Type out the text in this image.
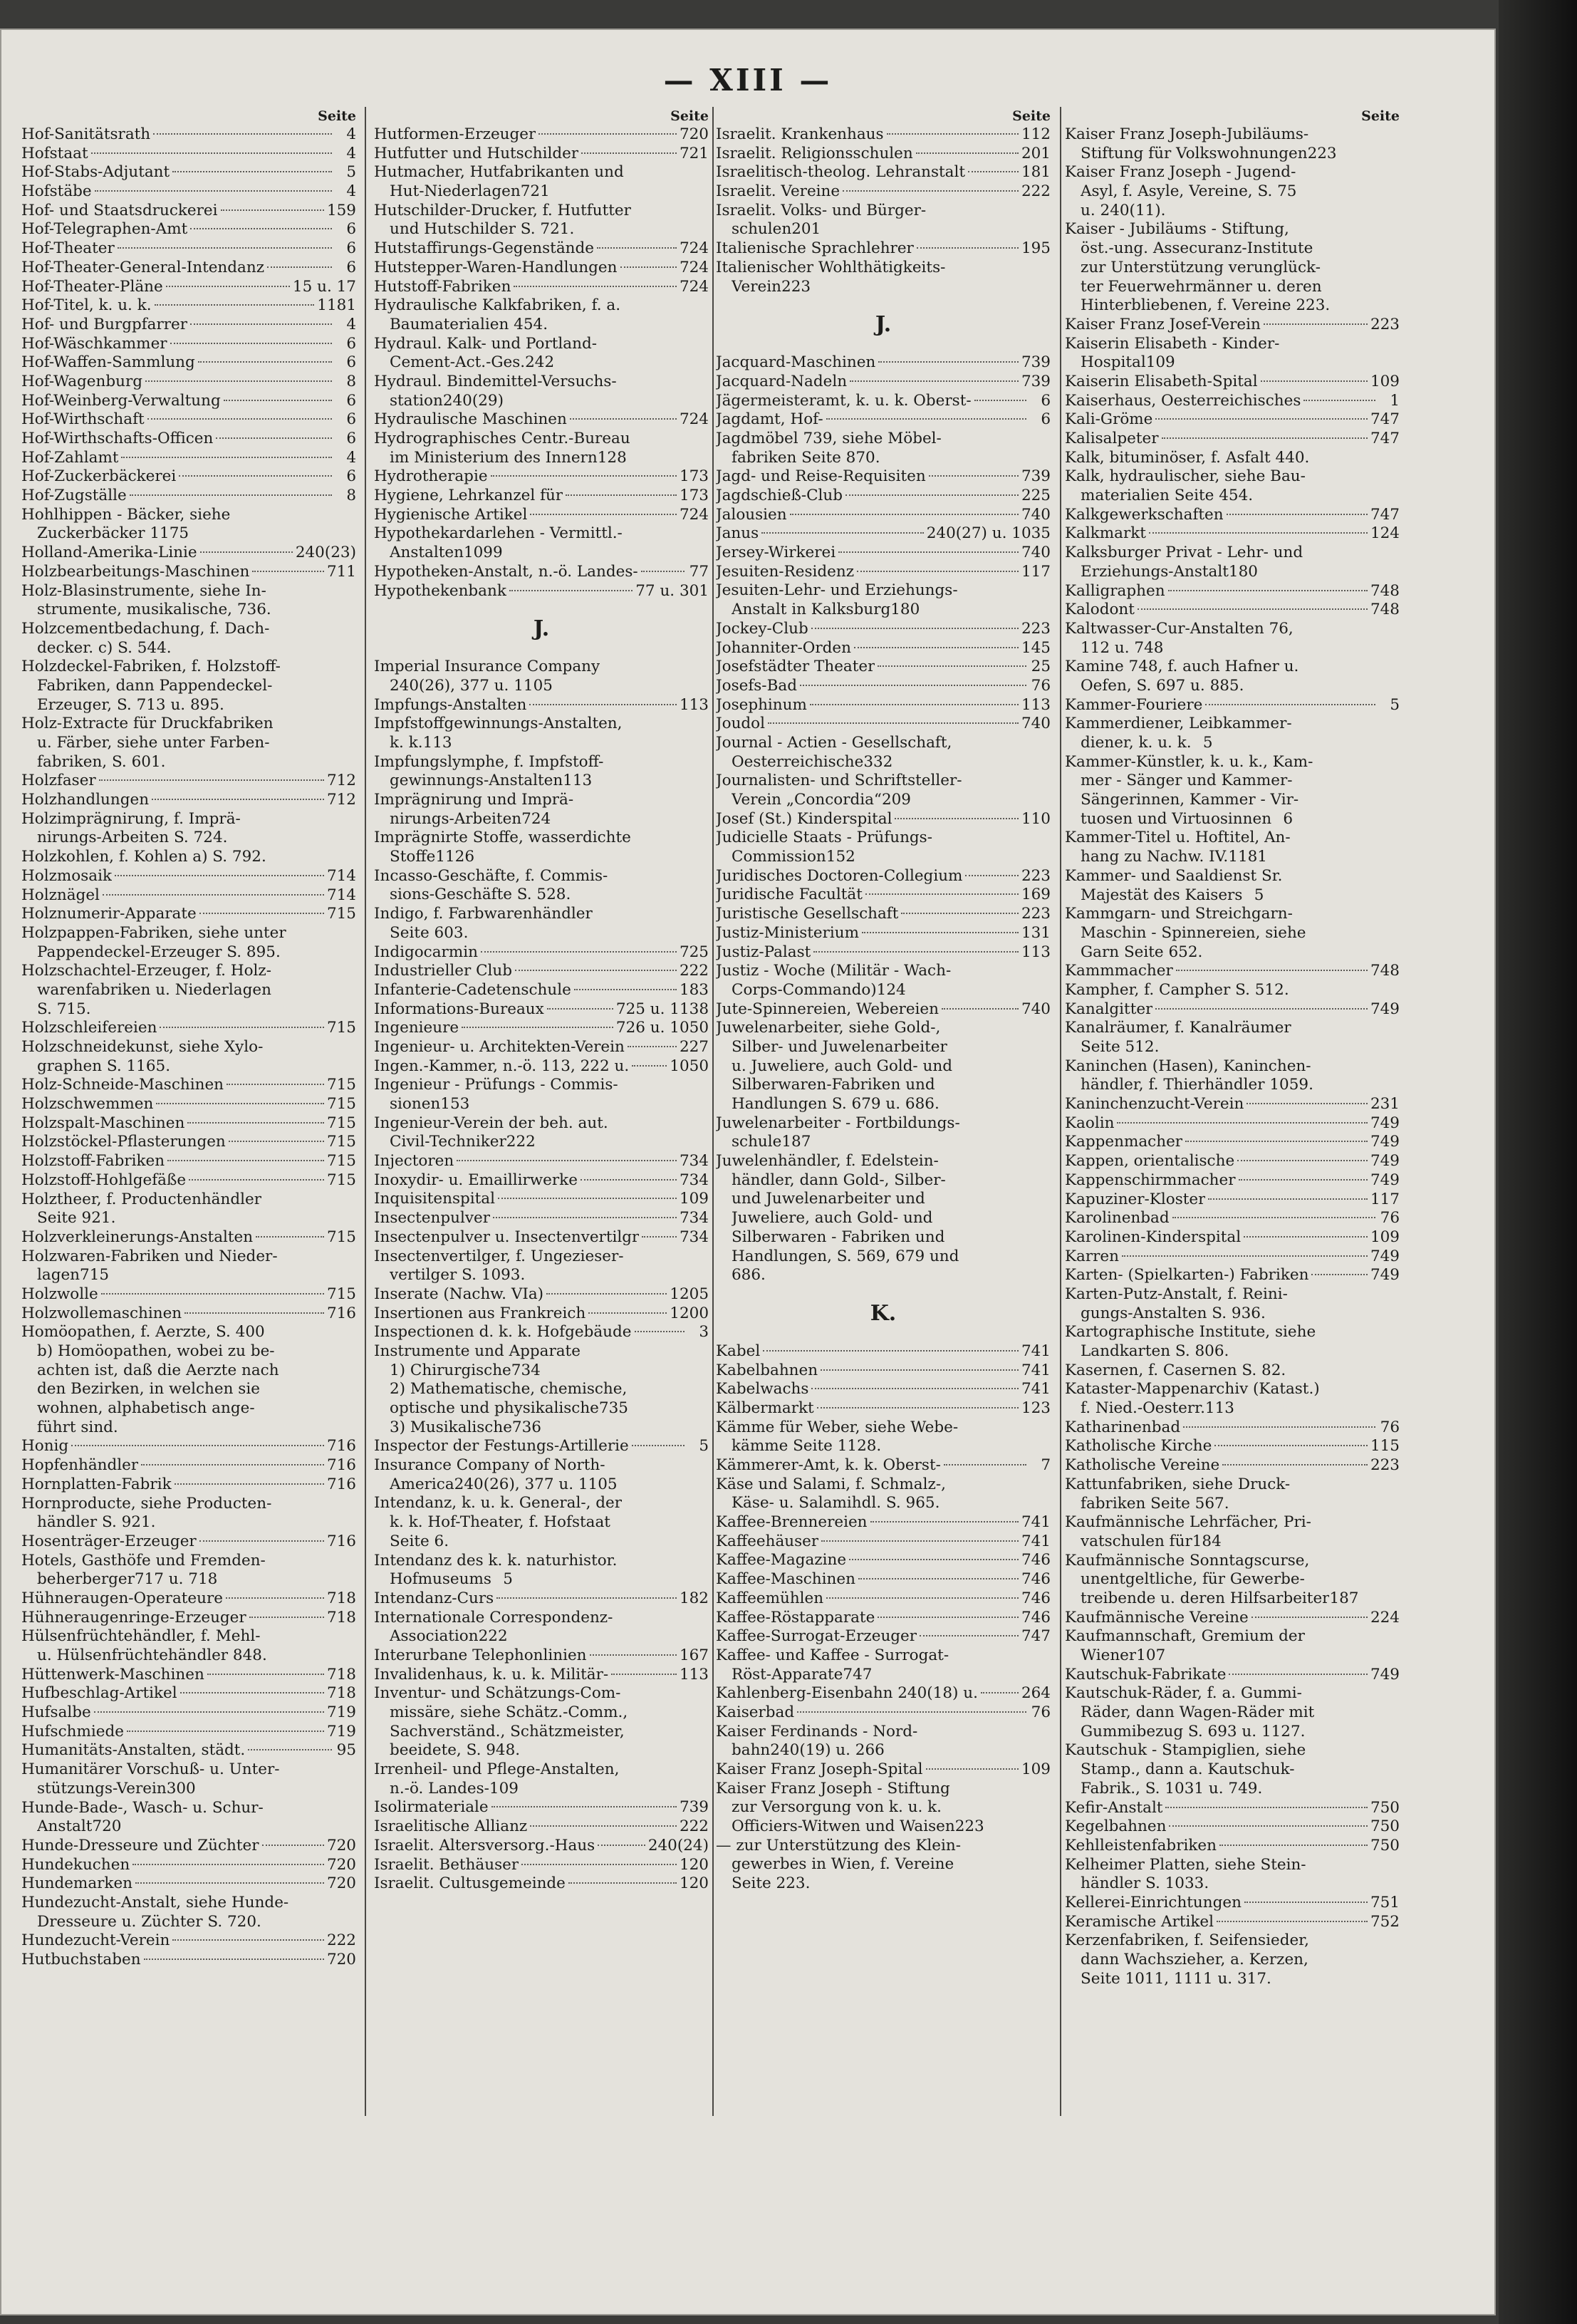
— XIII —
Seite
Hof-Sanitätsrath	4
Hofstaat	4
Hof-Stabs-Adjutant	5
Hofstäbe	4
Hof- und Staatsdruckerei	159
Hof-Telegraphen-Amt	6
Hof-Theater	6
Hof-Theater-General-Intendanz	6
Hof-Theater-Pläne	15 u. 17
Hof-Titel, k. u. k.	1181
Hof- und Burgpfarrer	4
Hof-Wäschkammer	6
Hof-Waffen-Sammlung	6
Hof-Wagenburg	8
Hof-Weinberg-Verwaltung	6
Hof-Wirthschaft	6
Hof-Wirthschafts-Officen	6
Hof-Zahlamt	4
Hof-Zuckerbäckerei	6
Hof-Zugställe	8
Hohlhippen - Bäcker, siehe
Zuckerbäcker 1175
Holland-Amerika-Linie	240(23)
Holzbearbeitungs-Maschinen	711
Holz-Blasinstrumente, siehe In-
strumente, musikalische, 736.
Holzcementbedachung, f. Dach-
decker. c) S. 544.
Holzdeckel-Fabriken, f. Holzstoff-
Fabriken, dann Pappendeckel-
Erzeuger, S. 713 u. 895.
Holz-Extracte für Druckfabriken
u. Färber, siehe unter Farben-
fabriken, S. 601.
Holzfaser	712
Holzhandlungen	712
Holzimprägnirung, f. Imprä-
nirungs-Arbeiten S. 724.
Holzkohlen, f. Kohlen a) S. 792.
Holzmosaik	714
Holznägel	714
Holznumerir-Apparate	715
Holzpappen-Fabriken, siehe unter
Pappendeckel-Erzeuger S. 895.
Holzschachtel-Erzeuger, f. Holz-
warenfabriken u. Niederlagen
S. 715.
Holzschleifereien	715
Holzschneidekunst, siehe Xylo-
graphen S. 1165.
Holz-Schneide-Maschinen	715
Holzschwemmen	715
Holzspalt-Maschinen	715
Holzstöckel-Pflasterungen	715
Holzstoff-Fabriken	715
Holzstoff-Hohlgefäße	715
Holztheer, f. Productenhändler
Seite 921.
Holzverkleinerungs-Anstalten	715
Holzwaren-Fabriken und Nieder-
lagen 715
Holzwolle	715
Holzwollemaschinen	716
Homöopathen, f. Aerzte, S. 400
b) Homöopathen, wobei zu be-
achten ist, daß die Aerzte nach
den Bezirken, in welchen sie
wohnen, alphabetisch ange-
führt sind.
Honig	716
Hopfenhändler	716
Hornplatten-Fabrik	716
Hornproducte, siehe Producten-
händler S. 921.
Hosenträger-Erzeuger	716
Hotels, Gasthöfe und Fremden-
beherberger 717 u. 718
Hühneraugen-Operateure	718
Hühneraugenringe-Erzeuger	718
Hülsenfrüchtehändler, f. Mehl-
u. Hülsenfrüchtehändler 848.
Hüttenwerk-Maschinen	718
Hufbeschlag-Artikel	718
Hufsalbe	719
Hufschmiede	719
Humanitäts-Anstalten, städt.	95
Humanitärer Vorschuß- u. Unter-
stützungs-Verein 300
Hunde-Bade-, Wasch- u. Schur-
Anstalt 720
Hunde-Dresseure und Züchter	720
Hundekuchen	720
Hundemarken	720
Hundezucht-Anstalt, siehe Hunde-
Dresseure u. Züchter S. 720.
Hundezucht-Verein	222
Hutbuchstaben	720
Seite
Hutformen-Erzeuger	720
Hutfutter und Hutschilder	721
Hutmacher, Hutfabrikanten und
Hut-Niederlagen 721
Hutschilder-Drucker, f. Hutfutter
und Hutschilder S. 721.
Hutstaffirungs-Gegenstände	724
Hutstepper-Waren-Handlungen	724
Hutstoff-Fabriken	724
Hydraulische Kalkfabriken, f. a.
Baumaterialien 454.
Hydraul. Kalk- und Portland-
Cement-Act.-Ges. 242
Hydraul. Bindemittel-Versuchs-
station 240(29)
Hydraulische Maschinen	724
Hydrographisches Centr.-Bureau
im Ministerium des Innern 128
Hydrotherapie	173
Hygiene, Lehrkanzel für	173
Hygienische Artikel	724
Hypothekardarlehen - Vermittl.-
Anstalten 1099
Hypotheken-Anstalt, n.-ö. Landes-	77
Hypothekenbank	77 u. 301
J.
Imperial Insurance Company
240(26), 377 u. 1105
Impfungs-Anstalten	113
Impfstoffgewinnungs-Anstalten,
k. k. 113
Impfungslymphe, f. Impfstoff-
gewinnungs-Anstalten 113
Imprägnirung und Imprä-
nirungs-Arbeiten 724
Imprägnirte Stoffe, wasserdichte
Stoffe 1126
Incasso-Geschäfte, f. Commis-
sions-Geschäfte S. 528.
Indigo, f. Farbwarenhändler
Seite 603.
Indigocarmin	725
Industrieller Club	222
Infanterie-Cadetenschule	183
Informations-Bureaux	725 u. 1138
Ingenieure	726 u. 1050
Ingenieur- u. Architekten-Verein	227
Ingen.-Kammer, n.-ö. 113, 222 u.	1050
Ingenieur - Prüfungs - Commis-
sionen 153
Ingenieur-Verein der beh. aut.
Civil-Techniker 222
Injectoren	734
Inoxydir- u. Emaillirwerke	734
Inquisitenspital	109
Insectenpulver	734
Insectenpulver u. Insectenvertilgr	734
Insectenvertilger, f. Ungezieser-
vertilger S. 1093.
Inserate (Nachw. VIa)	1205
Insertionen aus Frankreich	1200
Inspectionen d. k. k. Hofgebäude	3
Instrumente und Apparate
1) Chirurgische 734
2) Mathematische, chemische,
optische und physikalische 735
3) Musikalische 736
Inspector der Festungs-Artillerie	5
Insurance Company of North-
America 240(26), 377 u. 1105
Intendanz, k. u. k. General-, der
k. k. Hof-Theater, f. Hofstaat
Seite 6.
Intendanz des k. k. naturhistor.
Hofmuseums 5
Intendanz-Curs	182
Internationale Correspondenz-
Association 222
Interurbane Telephonlinien	167
Invalidenhaus, k. u. k. Militär-	113
Inventur- und Schätzungs-Com-
missäre, siehe Schätz.-Comm.,
Sachverständ., Schätzmeister,
beeidete, S. 948.
Irrenheil- und Pflege-Anstalten,
n.-ö. Landes- 109
Isolirmateriale	739
Israelitische Allianz	222
Israelit. Altersversorg.-Haus	240(24)
Israelit. Bethäuser	120
Israelit. Cultusgemeinde	120
Seite
Israelit. Krankenhaus	112
Israelit. Religionsschulen	201
Israelitisch-theolog. Lehranstalt	181
Israelit. Vereine	222
Israelit. Volks- und Bürger-
schulen 201
Italienische Sprachlehrer	195
Italienischer Wohlthätigkeits-
Verein 223
J.
Jacquard-Maschinen	739
Jacquard-Nadeln	739
Jägermeisteramt, k. u. k. Oberst-	6
Jagdamt, Hof-	6
Jagdmöbel 739, siehe Möbel-
fabriken Seite 870.
Jagd- und Reise-Requisiten	739
Jagdschieß-Club	225
Jalousien	740
Janus	240(27) u. 1035
Jersey-Wirkerei	740
Jesuiten-Residenz	117
Jesuiten-Lehr- und Erziehungs-
Anstalt in Kalksburg 180
Jockey-Club	223
Johanniter-Orden	145
Josefstädter Theater	25
Josefs-Bad	76
Josephinum	113
Joudol	740
Journal - Actien - Gesellschaft,
Oesterreichische 332
Journalisten- und Schriftsteller-
Verein „Concordia“ 209
Josef (St.) Kinderspital	110
Judicielle Staats - Prüfungs-
Commission 152
Juridisches Doctoren-Collegium	223
Juridische Facultät	169
Juristische Gesellschaft	223
Justiz-Ministerium	131
Justiz-Palast	113
Justiz - Woche (Militär - Wach-
Corps-Commando) 124
Jute-Spinnereien, Webereien	740
Juwelenarbeiter, siehe Gold-,
Silber- und Juwelenarbeiter
u. Juweliere, auch Gold- und
Silberwaren-Fabriken und
Handlungen S. 679 u. 686.
Juwelenarbeiter - Fortbildungs-
schule 187
Juwelenhändler, f. Edelstein-
händler, dann Gold-, Silber-
und Juwelenarbeiter und
Juweliere, auch Gold- und
Silberwaren - Fabriken und
Handlungen, S. 569, 679 und
686.
K.
Kabel	741
Kabelbahnen	741
Kabelwachs	741
Kälbermarkt	123
Kämme für Weber, siehe Webe-
kämme Seite 1128.
Kämmerer-Amt, k. k. Oberst-	7
Käse und Salami, f. Schmalz-,
Käse- u. Salamihdl. S. 965.
Kaffee-Brennereien	741
Kaffeehäuser	741
Kaffee-Magazine	746
Kaffee-Maschinen	746
Kaffeemühlen	746
Kaffee-Röstapparate	746
Kaffee-Surrogat-Erzeuger	747
Kaffee- und Kaffee - Surrogat-
Röst-Apparate 747
Kahlenberg-Eisenbahn 240(18) u.	264
Kaiserbad	76
Kaiser Ferdinands - Nord-
bahn 240(19) u. 266
Kaiser Franz Joseph-Spital	109
Kaiser Franz Joseph - Stiftung
zur Versorgung von k. u. k.
Officiers-Witwen und Waisen 223
— zur Unterstützung des Klein-
gewerbes in Wien, f. Vereine
Seite 223.
Seite
Kaiser Franz Joseph-Jubiläums-
Stiftung für Volkswohnungen 223
Kaiser Franz Joseph - Jugend-
Asyl, f. Asyle, Vereine, S. 75
u. 240(11).
Kaiser - Jubiläums - Stiftung,
öst.-ung. Assecuranz-Institute
zur Unterstützung verunglück-
ter Feuerwehrmänner u. deren
Hinterbliebenen, f. Vereine 223.
Kaiser Franz Josef-Verein	223
Kaiserin Elisabeth - Kinder-
Hospital 109
Kaiserin Elisabeth-Spital	109
Kaiserhaus, Oesterreichisches	1
Kali-Gröme	747
Kalisalpeter	747
Kalk, bituminöser, f. Asfalt 440.
Kalk, hydraulischer, siehe Bau-
materialien Seite 454.
Kalkgewerkschaften	747
Kalkmarkt	124
Kalksburger Privat - Lehr- und
Erziehungs-Anstalt 180
Kalligraphen	748
Kalodont	748
Kaltwasser-Cur-Anstalten 76,
112 u. 748
Kamine 748, f. auch Hafner u.
Oefen, S. 697 u. 885.
Kammer-Fouriere	5
Kammerdiener, Leibkammer-
diener, k. u. k. 5
Kammer-Künstler, k. u. k., Kam-
mer - Sänger und Kammer-
Sängerinnen, Kammer - Vir-
tuosen und Virtuosinnen 6
Kammer-Titel u. Hoftitel, An-
hang zu Nachw. IV. 1181
Kammer- und Saaldienst Sr.
Majestät des Kaisers 5
Kammgarn- und Streichgarn-
Maschin - Spinnereien, siehe
Garn Seite 652.
Kammmacher	748
Kampher, f. Campher S. 512.
Kanalgitter	749
Kanalräumer, f. Kanalräumer
Seite 512.
Kaninchen (Hasen), Kaninchen-
händler, f. Thierhändler 1059.
Kaninchenzucht-Verein	231
Kaolin	749
Kappenmacher	749
Kappen, orientalische	749
Kappenschirmmacher	749
Kapuziner-Kloster	117
Karolinenbad	76
Karolinen-Kinderspital	109
Karren	749
Karten- (Spielkarten-) Fabriken	749
Karten-Putz-Anstalt, f. Reini-
gungs-Anstalten S. 936.
Kartographische Institute, siehe
Landkarten S. 806.
Kasernen, f. Casernen S. 82.
Kataster-Mappenarchiv (Katast.)
f. Nied.-Oesterr. 113
Katharinenbad	76
Katholische Kirche	115
Katholische Vereine	223
Kattunfabriken, siehe Druck-
fabriken Seite 567.
Kaufmännische Lehrfächer, Pri-
vatschulen für 184
Kaufmännische Sonntagscurse,
unentgeltliche, für Gewerbe-
treibende u. deren Hilfsarbeiter 187
Kaufmännische Vereine	224
Kaufmannschaft, Gremium der
Wiener 107
Kautschuk-Fabrikate	749
Kautschuk-Räder, f. a. Gummi-
Räder, dann Wagen-Räder mit
Gummibezug S. 693 u. 1127.
Kautschuk - Stampiglien, siehe
Stamp., dann a. Kautschuk-
Fabrik., S. 1031 u. 749.
Kefir-Anstalt	750
Kegelbahnen	750
Kehlleistenfabriken	750
Kelheimer Platten, siehe Stein-
händler S. 1033.
Kellerei-Einrichtungen	751
Keramische Artikel	752
Kerzenfabriken, f. Seifensieder,
dann Wachszieher, a. Kerzen,
Seite 1011, 1111 u. 317.
